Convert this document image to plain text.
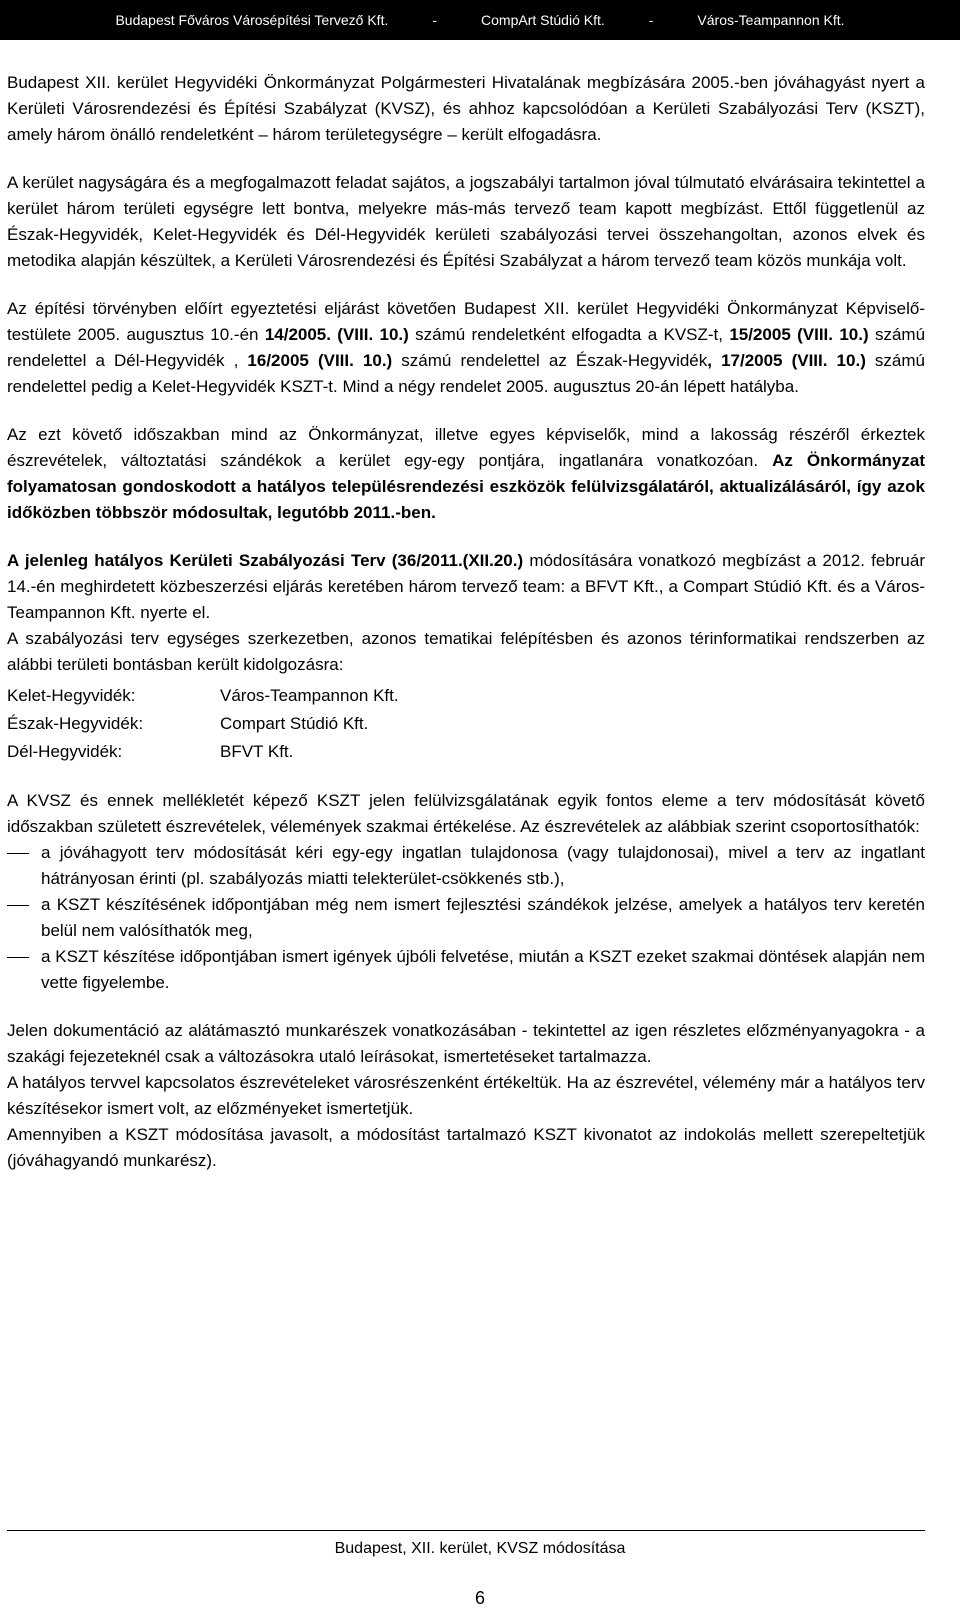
Budapest Főváros Városépítési Tervező Kft.	-	CompArt Stúdió Kft.	-	Város-Teampannon Kft.

Budapest XII. kerület Hegyvidéki Önkormányzat Polgármesteri Hivatalának megbízására 2005.-ben jóváhagyást nyert a Kerületi Városrendezési és Építési Szabályzat (KVSZ), és ahhoz kapcsolódóan a Kerületi Szabályozási Terv (KSZT), amely három önálló rendeletként – három területegységre – került elfogadásra.

A kerület nagyságára és a megfogalmazott feladat sajátos, a jogszabályi tartalmon jóval túlmutató elvárásaira tekintettel a kerület három területi egységre lett bontva, melyekre más-más tervező team kapott megbízást. Ettől függetlenül az Észak-Hegyvidék, Kelet-Hegyvidék és Dél-Hegyvidék kerületi szabályozási tervei összehangoltan, azonos elvek és metodika alapján készültek, a Kerületi Városrendezési és Építési Szabályzat a három tervező team közös munkája volt.

Az építési törvényben előírt egyeztetési eljárást követően Budapest XII. kerület Hegyvidéki Önkormányzat Képviselő-testülete 2005. augusztus 10.-én 14/2005. (VIII. 10.) számú rendeletként elfogadta a KVSZ-t, 15/2005 (VIII. 10.) számú rendelettel a Dél-Hegyvidék , 16/2005 (VIII. 10.) számú rendelettel az Észak-Hegyvidék, 17/2005 (VIII. 10.) számú rendelettel pedig a Kelet-Hegyvidék KSZT-t. Mind a négy rendelet 2005. augusztus 20-án lépett hatályba.

Az ezt követő időszakban mind az Önkormányzat, illetve egyes képviselők, mind a lakosság részéről érkeztek észrevételek, változtatási szándékok a kerület egy-egy pontjára, ingatlanára vonatkozóan. Az Önkormányzat folyamatosan gondoskodott a hatályos településrendezési eszközök felülvizsgálatáról, aktualizálásáról, így azok időközben többször módosultak, legutóbb 2011.-ben.

A jelenleg hatályos Kerületi Szabályozási Terv (36/2011.(XII.20.) módosítására vonatkozó megbízást a 2012. február 14.-én meghirdetett közbeszerzési eljárás keretében három tervező team: a BFVT Kft., a Compart Stúdió Kft. és a Város-Teampannon Kft. nyerte el.

A szabályozási terv egységes szerkezetben, azonos tematikai felépítésben és azonos térinformatikai rendszerben az alábbi területi bontásban került kidolgozásra:

Kelet-Hegyvidék:	Város-Teampannon Kft.
Észak-Hegyvidék:	Compart Stúdió Kft.
Dél-Hegyvidék:	BFVT Kft.

A KVSZ és ennek mellékletét képező KSZT jelen felülvizsgálatának egyik fontos eleme a terv módosítását követő időszakban született észrevételek, vélemények szakmai értékelése. Az észrevételek az alábbiak szerint csoportosíthatók:

a jóváhagyott terv módosítását kéri egy-egy ingatlan tulajdonosa (vagy tulajdonosai), mivel a terv az ingatlant hátrányosan érinti (pl. szabályozás miatti telekterület-csökkenés stb.),
a KSZT készítésének időpontjában még nem ismert fejlesztési szándékok jelzése, amelyek a hatályos terv keretén belül nem valósíthatók meg,
a KSZT készítése időpontjában ismert igények újbóli felvetése, miután a KSZT ezeket szakmai döntések alapján nem vette figyelembe.

Jelen dokumentáció az alátámasztó munkarészek vonatkozásában - tekintettel az igen részletes előzményanyagokra - a szakági fejezeteknél csak a változásokra utaló leírásokat, ismertetéseket tartalmazza.

A hatályos tervvel kapcsolatos észrevételeket városrészenként értékeltük. Ha az észrevétel, vélemény már a hatályos terv készítésekor ismert volt, az előzményeket ismertetjük.

Amennyiben a KSZT módosítása javasolt, a módosítást tartalmazó KSZT kivonatot az indokolás mellett szerepeltetjük (jóváhagyandó munkarész).

Budapest, XII. kerület, KVSZ módosítása
6
